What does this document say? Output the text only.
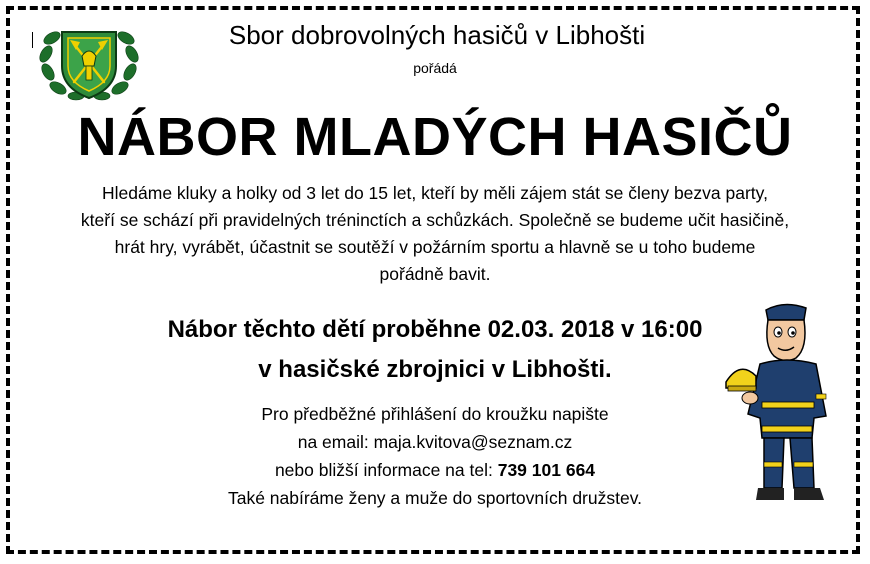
Sbor dobrovolných hasičů v Libhošti
pořádá
NÁBOR MLADÝCH HASIČŮ
Hledáme kluky a holky od 3 let do 15 let, kteří by měli zájem stát se členy bezva party,
kteří se schází při pravidelných tréninctích a schůzkách. Společně se budeme učit hasičině,
hrát hry, vyrábět, účastnit se soutěží v požárním sportu a hlavně se u toho budeme
pořádně bavit.
Nábor těchto dětí proběhne 02.03. 2018 v 16:00
v hasičské zbrojnici v Libhošti.
Pro předběžné přihlášení do kroužku napište
na email: maja.kvitova@seznam.cz
nebo bližší informace na tel: 739 101 664
Také nabíráme ženy a muže do sportovních družstev.
